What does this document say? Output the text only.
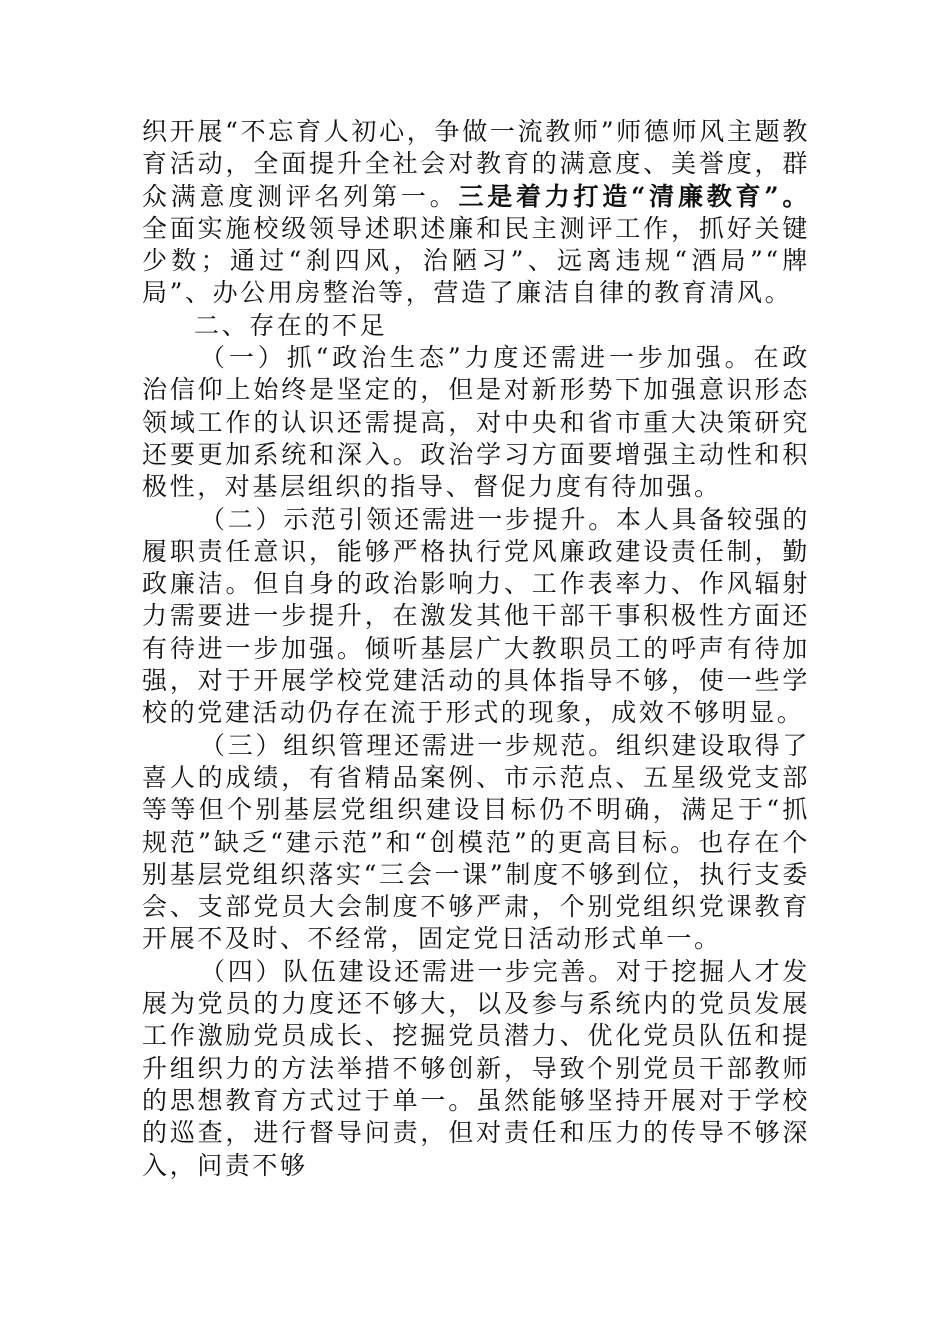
织开展“不忘育人初心，争做一流教师”师德师风主题教育活动，全面提升全社会对教育的满意度、美誉度，群众满意度测评名列第一。三是着力打造“清廉教育”。全面实施校级领导述职述廉和民主测评工作，抓好关键少数；通过“刹四风，治陋习”、远离违规“酒局”“牌局”、办公用房整治等，营造了廉洁自律的教育清风。

二、存在的不足

（一）抓“政治生态”力度还需进一步加强。在政治信仰上始终是坚定的，但是对新形势下加强意识形态领域工作的认识还需提高，对中央和省市重大决策研究还要更加系统和深入。政治学习方面要增强主动性和积极性，对基层组织的指导、督促力度有待加强。

（二）示范引领还需进一步提升。本人具备较强的履职责任意识，能够严格执行党风廉政建设责任制，勤政廉洁。但自身的政治影响力、工作表率力、作风辐射力需要进一步提升，在激发其他干部干事积极性方面还有待进一步加强。倾听基层广大教职员工的呼声有待加强，对于开展学校党建活动的具体指导不够，使一些学校的党建活动仍存在流于形式的现象，成效不够明显。

（三）组织管理还需进一步规范。组织建设取得了喜人的成绩，有省精品案例、市示范点、五星级党支部等等但个别基层党组织建设目标仍不明确，满足于“抓规范”缺乏“建示范”和“创模范”的更高目标。也存在个别基层党组织落实“三会一课”制度不够到位，执行支委会、支部党员大会制度不够严肃，个别党组织党课教育开展不及时、不经常，固定党日活动形式单一。

（四）队伍建设还需进一步完善。对于挖掘人才发展为党员的力度还不够大，以及参与系统内的党员发展工作激励党员成长、挖掘党员潜力、优化党员队伍和提升组织力的方法举措不够创新，导致个别党员干部教师的思想教育方式过于单一。虽然能够坚持开展对于学校的巡查，进行督导问责，但对责任和压力的传导不够深入，问责不够
